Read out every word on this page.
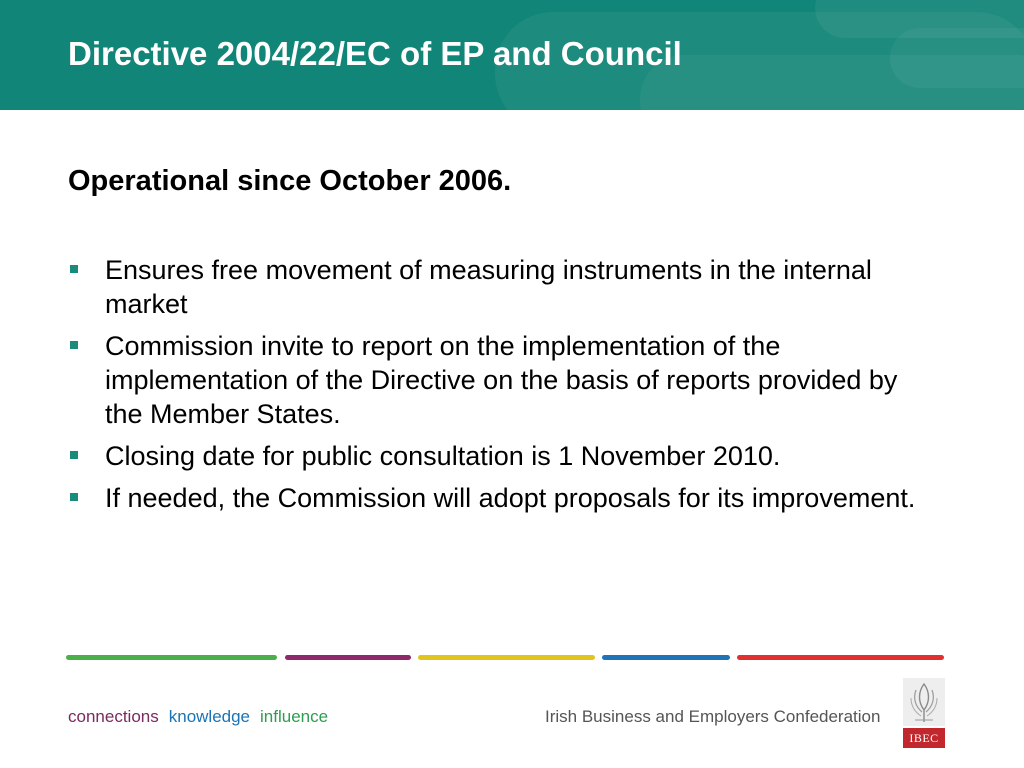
Directive 2004/22/EC of EP and Council
Operational since October 2006.
Ensures free movement of measuring instruments in the internal market
Commission invite to report on the implementation of the implementation of the Directive on the basis of reports provided by the Member States.
Closing date for public consultation is 1 November 2010.
If needed, the Commission will adopt proposals for its improvement.
connections knowledge influence	Irish Business and Employers Confederation
IBEC
